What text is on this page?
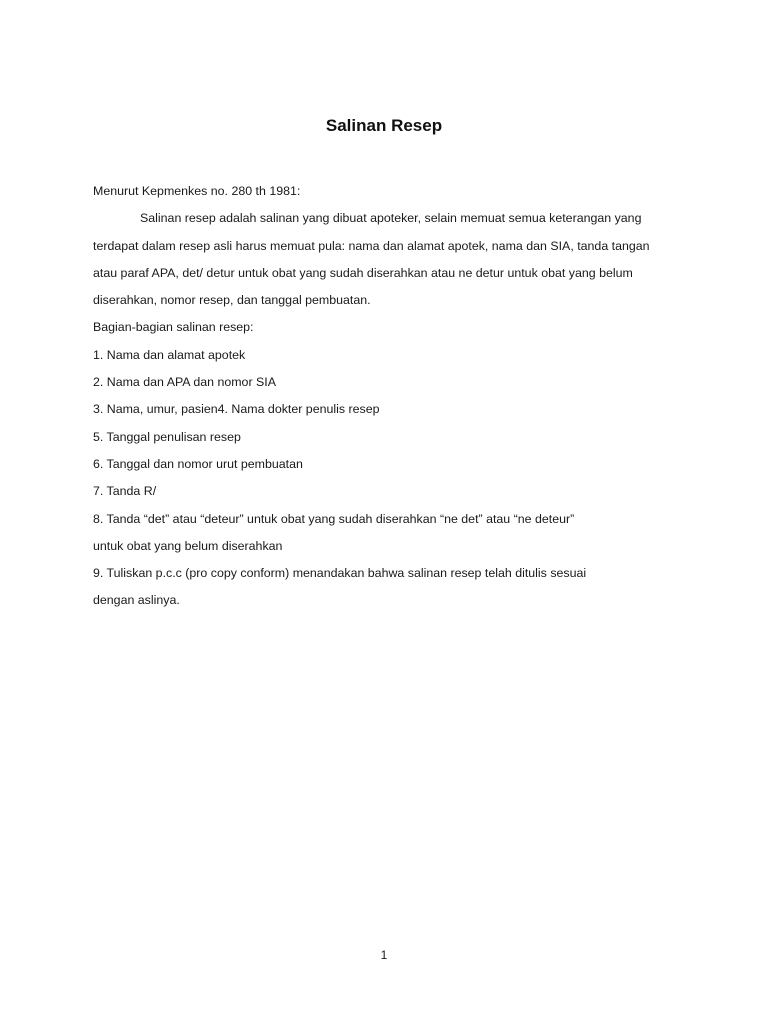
Salinan Resep
Menurut Kepmenkes no. 280 th 1981:
Salinan resep adalah salinan yang dibuat apoteker, selain memuat semua keterangan yang
terdapat dalam resep asli harus memuat pula: nama dan alamat apotek, nama dan SIA, tanda tangan
atau paraf APA, det/ detur untuk obat yang sudah diserahkan atau ne detur untuk obat yang belum
diserahkan, nomor resep, dan tanggal pembuatan.
Bagian-bagian salinan resep:
1. Nama dan alamat apotek
2. Nama dan APA dan nomor SIA
3. Nama, umur, pasien4. Nama dokter penulis resep
5. Tanggal penulisan resep
6. Tanggal dan nomor urut pembuatan
7. Tanda R/
8. Tanda “det” atau “deteur” untuk obat yang sudah diserahkan “ne det” atau “ne deteur”
untuk obat yang belum diserahkan
9. Tuliskan p.c.c (pro copy conform) menandakan bahwa salinan resep telah ditulis sesuai
dengan aslinya.
1
